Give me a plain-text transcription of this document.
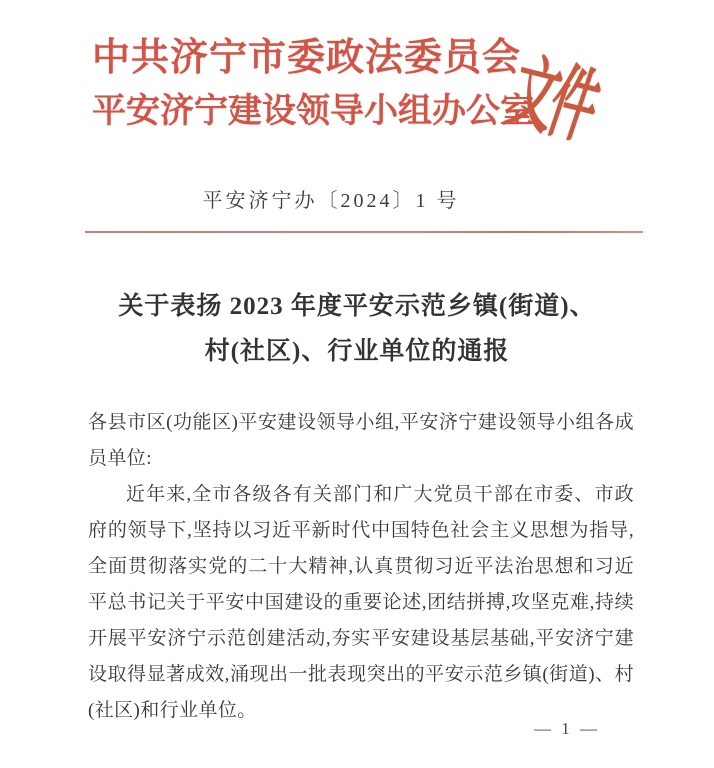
中共济宁市委政法委员会
平安济宁建设领导小组办公室
文件
平安济宁办〔2024〕1 号
关于表扬 2023 年度平安示范乡镇(街道)、
村(社区)、行业单位的通报

各县市区(功能区)平安建设领导小组,平安济宁建设领导小组各成员单位:

近年来,全市各级各有关部门和广大党员干部在市委、市政府的领导下,坚持以习近平新时代中国特色社会主义思想为指导,全面贯彻落实党的二十大精神,认真贯彻习近平法治思想和习近平总书记关于平安中国建设的重要论述,团结拼搏,攻坚克难,持续开展平安济宁示范创建活动,夯实平安建设基层基础,平安济宁建设取得显著成效,涌现出一批表现突出的平安示范乡镇(街道)、村(社区)和行业单位。

— 1 —
